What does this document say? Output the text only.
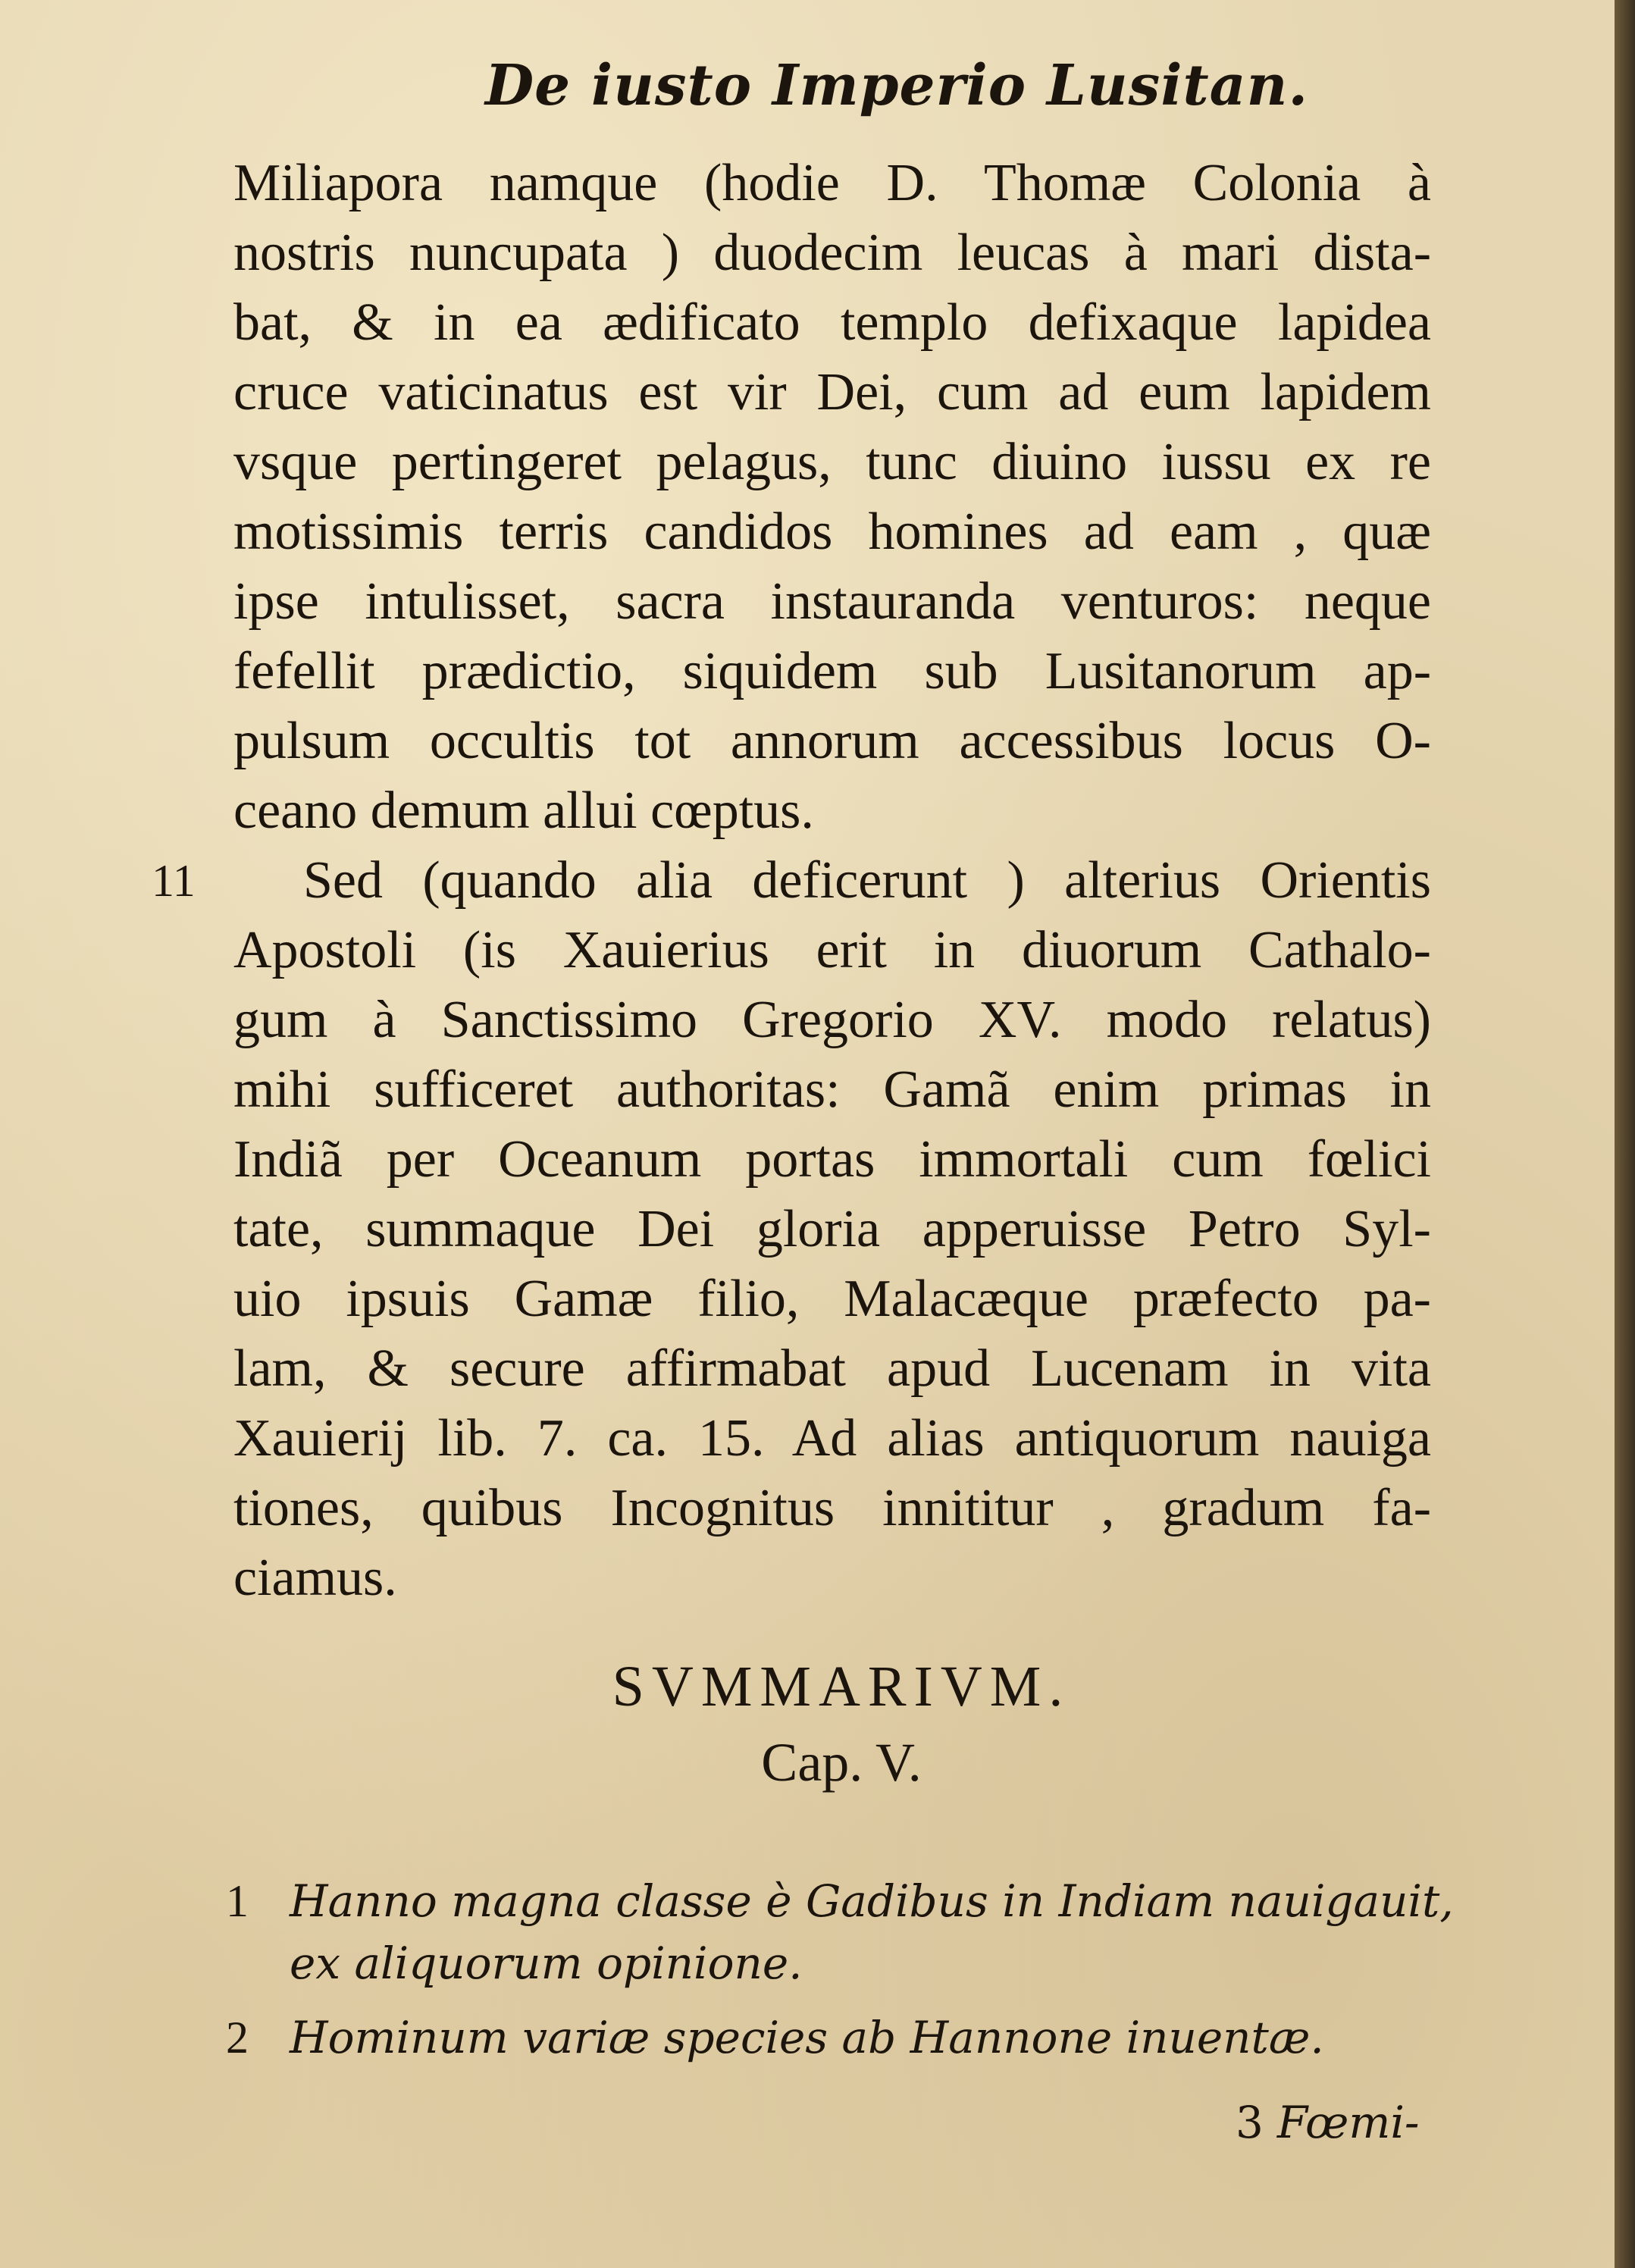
De iusto Imperio Lusitan.
Miliapora namque (hodie D. Thomæ Colonia à
nostris nuncupata ) duodecim leucas à mari dista-
bat, & in ea ædificato templo defixaque lapidea
cruce vaticinatus est vir Dei, cum ad eum lapidem
vsque pertingeret pelagus, tunc diuino iussu ex re
motissimis terris candidos homines ad eam , quæ
ipse intulisset, sacra instauranda venturos: neque
fefellit prædictio, siquidem sub Lusitanorum ap-
pulsum occultis tot annorum accessibus locus O-
ceano demum allui cœptus.
11 Sed (quando alia deficerunt ) alterius Orientis
Apostoli (is Xauierius erit in diuorum Cathalo-
gum à Sanctissimo Gregorio XV. modo relatus)
mihi sufficeret authoritas: Gamã enim primas in
Indiã per Oceanum portas immortali cum fœlici
tate, summaque Dei gloria apperuisse Petro Syl-
uio ipsuis Gamæ filio, Malacæque præfecto pa-
lam, & secure affirmabat apud Lucenam in vita
Xauierij lib. 7. ca. 15. Ad alias antiquorum nauiga
tiones, quibus Incognitus innititur , gradum fa-
ciamus.
SVMMARIVM.
Cap. V.
1 Hanno magna classe è Gadibus in Indiam nauigauit,
ex aliquorum opinione.
2 Hominum variæ species ab Hannone inuentæ.
3 Fœmi-
